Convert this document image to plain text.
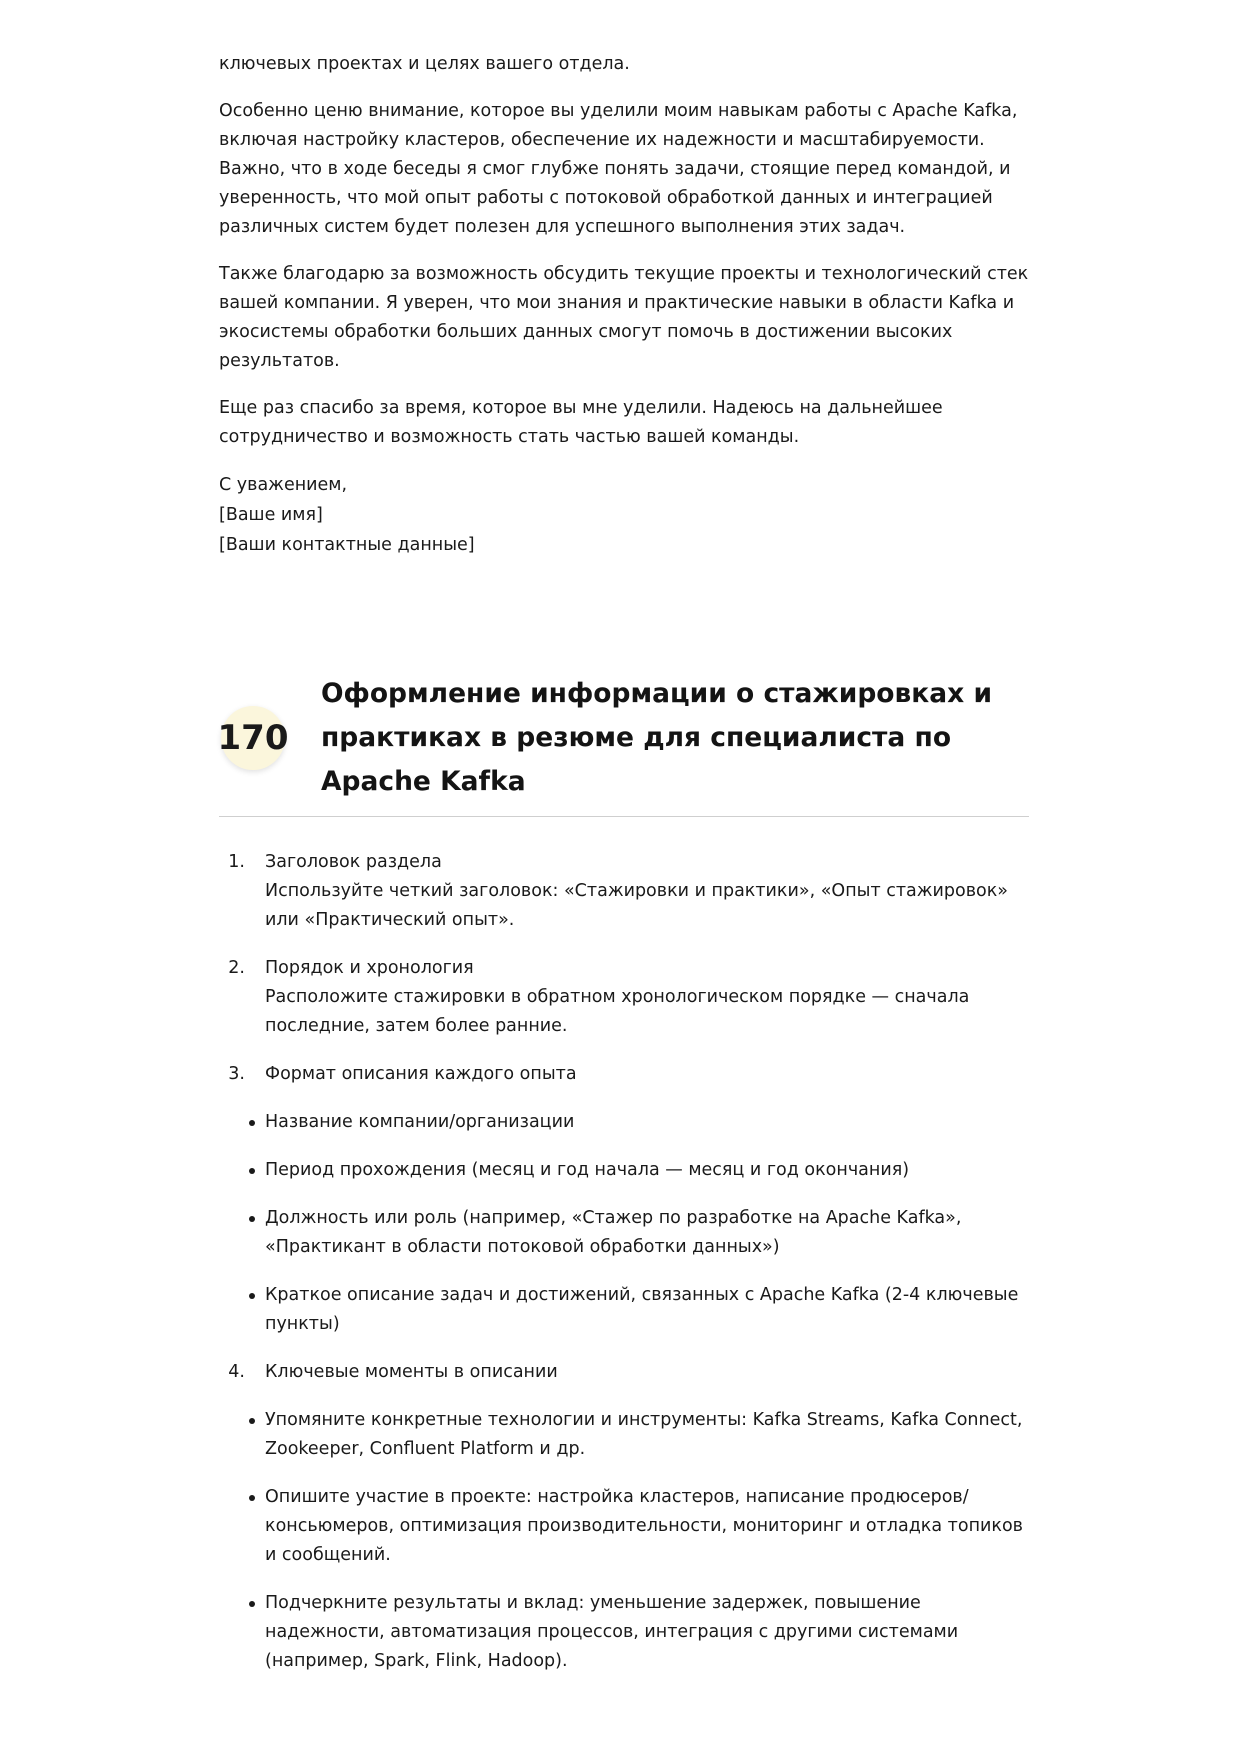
ключевых проектах и целях вашего отдела.

Особенно ценю внимание, которое вы уделили моим навыкам работы с Apache Kafka, включая настройку кластеров, обеспечение их надежности и масштабируемости. Важно, что в ходе беседы я смог глубже понять задачи, стоящие перед командой, и уверенность, что мой опыт работы с потоковой обработкой данных и интеграцией различных систем будет полезен для успешного выполнения этих задач.

Также благодарю за возможность обсудить текущие проекты и технологический стек вашей компании. Я уверен, что мои знания и практические навыки в области Kafka и экосистемы обработки больших данных смогут помочь в достижении высоких результатов.

Еще раз спасибо за время, которое вы мне уделили. Надеюсь на дальнейшее сотрудничество и возможность стать частью вашей команды.

С уважением,
[Ваше имя]
[Ваши контактные данные]
170
Оформление информации о стажировках и практиках в резюме для специалиста по Apache Kafka
1. Заголовок раздела
Используйте четкий заголовок: «Стажировки и практики», «Опыт стажировок» или «Практический опыт».
2. Порядок и хронология
Расположите стажировки в обратном хронологическом порядке — сначала последние, затем более ранние.
3. Формат описания каждого опыта
Название компании/организации
Период прохождения (месяц и год начала — месяц и год окончания)
Должность или роль (например, «Стажер по разработке на Apache Kafka», «Практикант в области потоковой обработки данных»)
Краткое описание задач и достижений, связанных с Apache Kafka (2-4 ключевые пункты)
4. Ключевые моменты в описании
Упомяните конкретные технологии и инструменты: Kafka Streams, Kafka Connect, Zookeeper, Confluent Platform и др.
Опишите участие в проекте: настройка кластеров, написание продюсеров/консьюмеров, оптимизация производительности, мониторинг и отладка топиков и сообщений.
Подчеркните результаты и вклад: уменьшение задержек, повышение надежности, автоматизация процессов, интеграция с другими системами (например, Spark, Flink, Hadoop).
